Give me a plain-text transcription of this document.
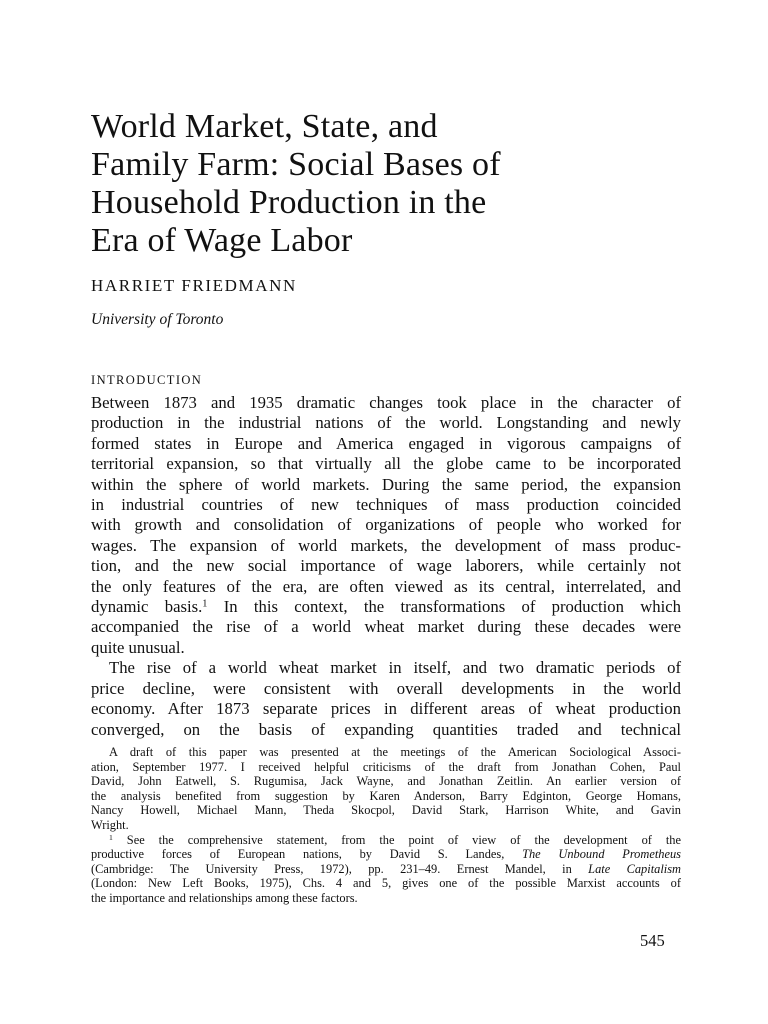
World Market, State, and
Family Farm: Social Bases of
Household Production in the
Era of Wage Labor

HARRIET FRIEDMANN

University of Toronto

INTRODUCTION

Between 1873 and 1935 dramatic changes took place in the character of
production in the industrial nations of the world. Longstanding and newly
formed states in Europe and America engaged in vigorous campaigns of
territorial expansion, so that virtually all the globe came to be incorporated
within the sphere of world markets. During the same period, the expansion
in industrial countries of new techniques of mass production coincided
with growth and consolidation of organizations of people who worked for
wages. The expansion of world markets, the development of mass produc-
tion, and the new social importance of wage laborers, while certainly not
the only features of the era, are often viewed as its central, interrelated, and
dynamic basis.$^1$ In this context, the transformations of production which
accompanied the rise of a world wheat market during these decades were
quite unusual.
The rise of a world wheat market in itself, and two dramatic periods of
price decline, were consistent with overall developments in the world
economy. After 1873 separate prices in different areas of wheat production
converged, on the basis of expanding quantities traded and technical
A draft of this paper was presented at the meetings of the American Sociological Associ-
ation, September 1977. I received helpful criticisms of the draft from Jonathan Cohen, Paul
David, John Eatwell, S. Rugumisa, Jack Wayne, and Jonathan Zeitlin. An earlier version of
the analysis benefited from suggestion by Karen Anderson, Barry Edginton, George Homans,
Nancy Howell, Michael Mann, Theda Skocpol, David Stark, Harrison White, and Gavin
Wright.
$^1$ See the comprehensive statement, from the point of view of the development of the
productive forces of European nations, by David S. Landes, The Unbound Prometheus
(Cambridge: The University Press, 1972), pp. 231–49. Ernest Mandel, in Late Capitalism
(London: New Left Books, 1975), Chs. 4 and 5, gives one of the possible Marxist accounts of
the importance and relationships among these factors.

545
